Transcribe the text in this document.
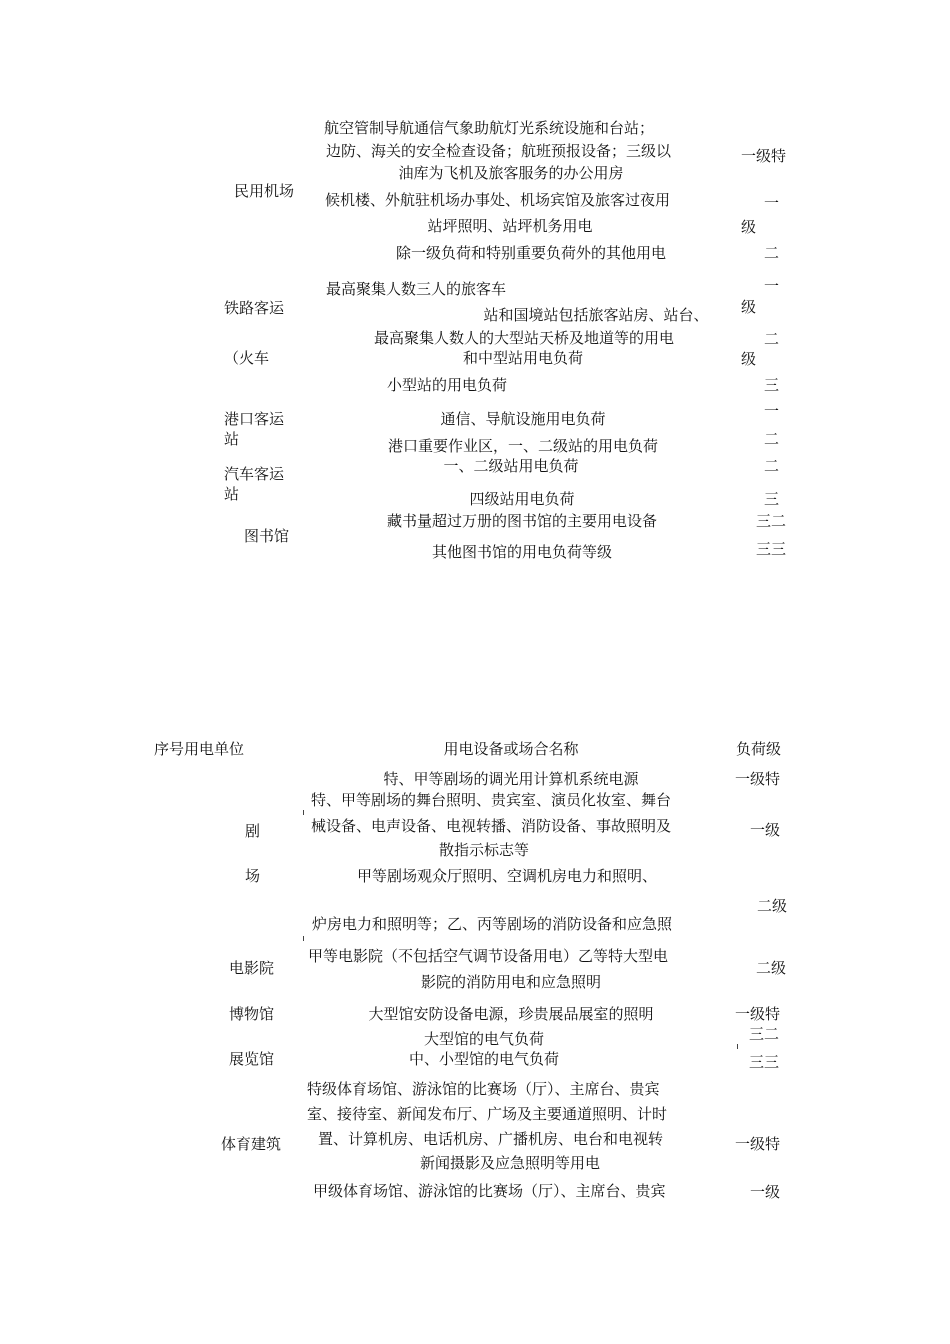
民用机场
铁路客运
（火车
港口客运
站
汽车客运
站
图书馆
航空管制导航通信气象助航灯光系统设施和台站；
边防、海关的安全检查设备；航班预报设备；三级以
油库为飞机及旅客服务的办公用房
候机楼、外航驻机场办事处、机场宾馆及旅客过夜用
站坪照明、站坪机务用电
除一级负荷和特别重要负荷外的其他用电
最高聚集人数三人的旅客车
站和国境站包括旅客站房、站台、
最高聚集人数人的大型站天桥及地道等的用电
和中型站用电负荷
小型站的用电负荷
通信、导航设施用电负荷
港口重要作业区，一、二级站的用电负荷
一、二级站用电负荷
四级站用电负荷
藏书量超过万册的图书馆的主要用电设备
其他图书馆的用电负荷等级
一级特
一
级
二
一
级
二
级
三
一
二
二
三
三二
三三
序号用电单位	用电设备或场合名称	负荷级
剧
场
电影院
博物馆
展览馆
体育建筑
特、甲等剧场的调光用计算机系统电源
特、甲等剧场的舞台照明、贵宾室、演员化妆室、舞台
械设备、电声设备、电视转播、消防设备、事故照明及
散指示标志等
甲等剧场观众厅照明、空调机房电力和照明、
炉房电力和照明等；乙、丙等剧场的消防设备和应急照
甲等电影院（不包括空气调节设备用电）乙等特大型电
影院的消防用电和应急照明
大型馆安防设备电源，珍贵展品展室的照明
大型馆的电气负荷
中、小型馆的电气负荷
特级体育场馆、游泳馆的比赛场（厅）、主席台、贵宾
室、接待室、新闻发布厅、广场及主要通道照明、计时
置、计算机房、电话机房、广播机房、电台和电视转
新闻摄影及应急照明等用电
甲级体育场馆、游泳馆的比赛场（厅）、主席台、贵宾
一级特
一级
二级
二级
一级特
三二
三三
一级特
一级
